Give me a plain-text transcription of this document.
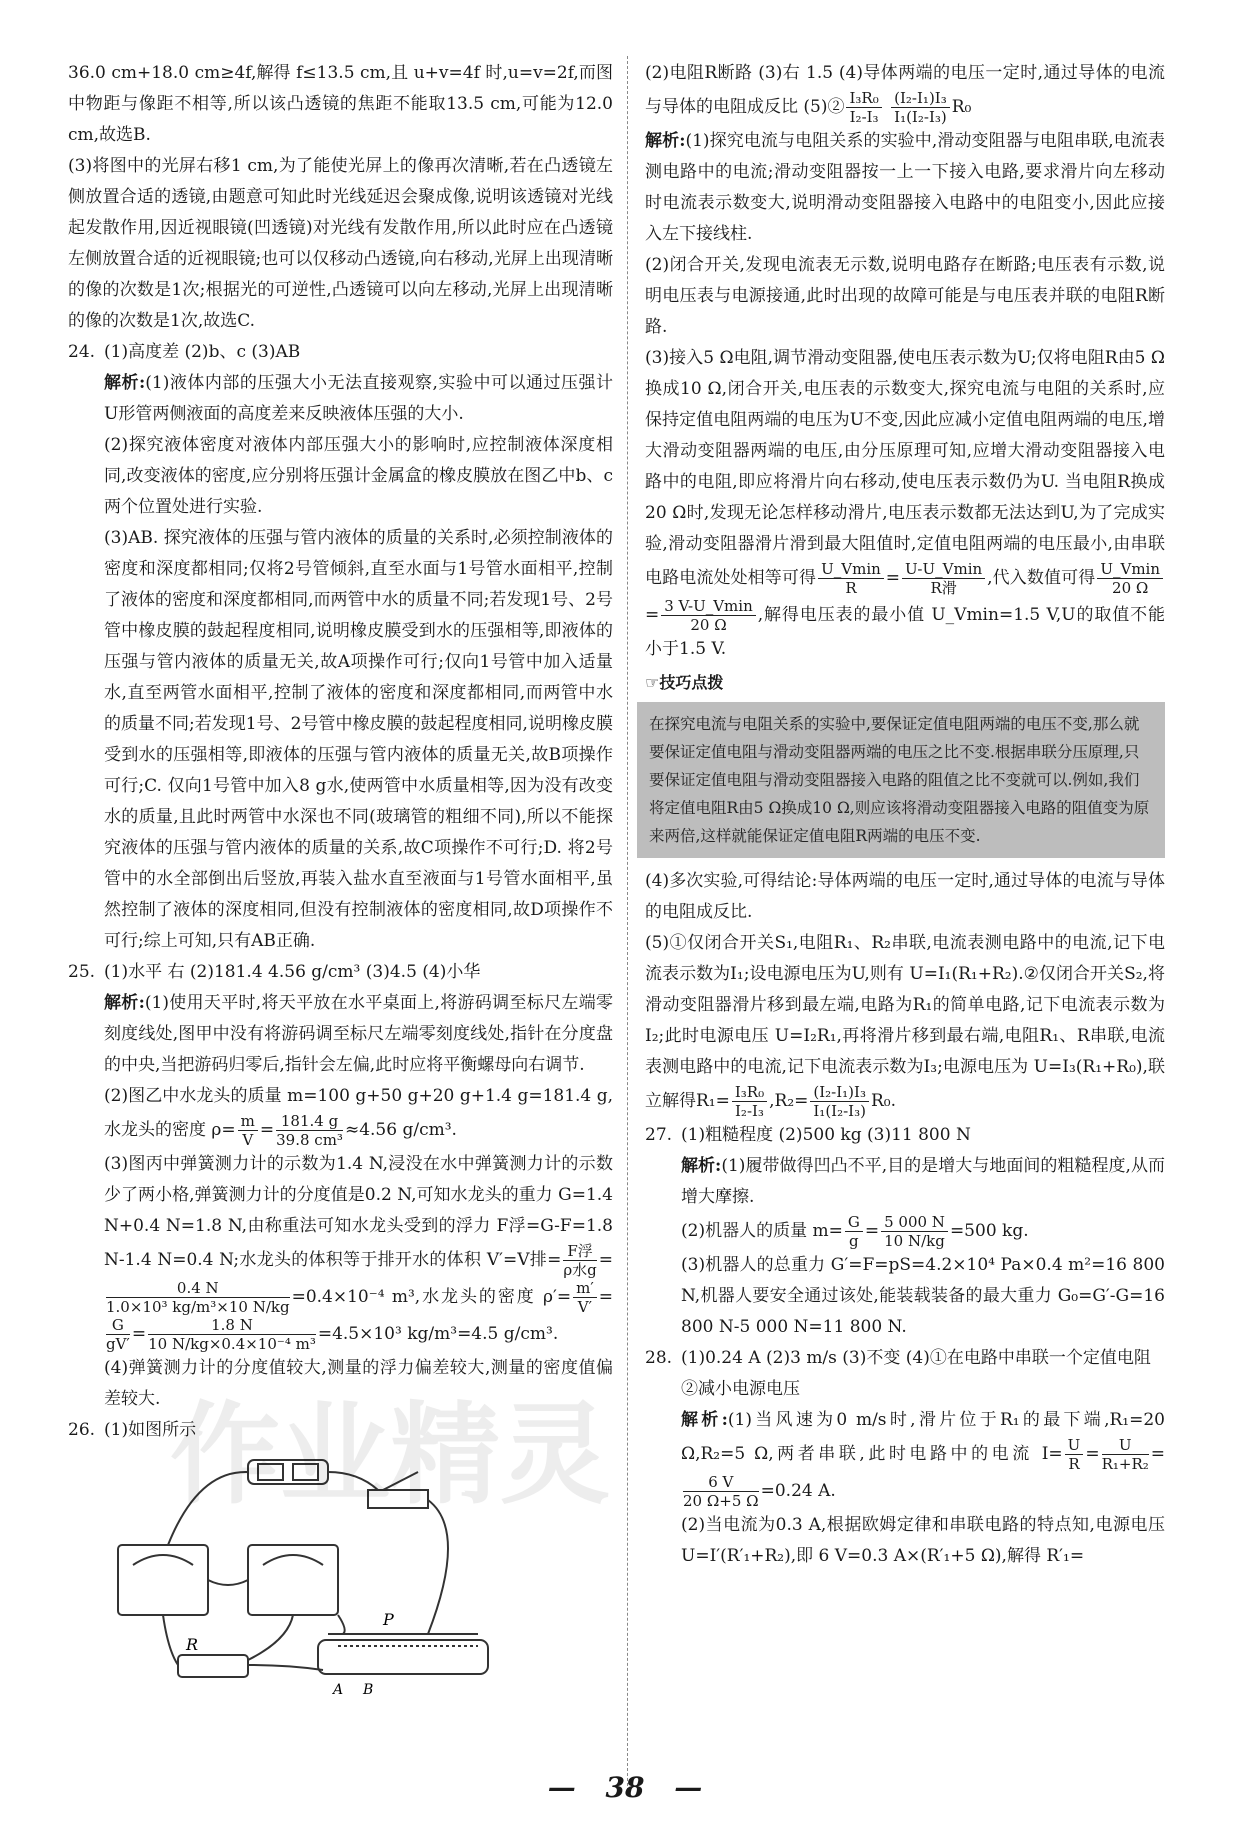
36.0 cm+18.0 cm≥4f,解得 f≤13.5 cm,且 u+v=4f 时,u=v=2f,而图中物距与像距不相等,所以该凸透镜的焦距不能取13.5 cm,可能为12.0 cm,故选B.

(3)将图中的光屏右移1 cm,为了能使光屏上的像再次清晰,若在凸透镜左侧放置合适的透镜,由题意可知此时光线延迟会聚成像,说明该透镜对光线起发散作用,因近视眼镜(凹透镜)对光线有发散作用,所以此时应在凸透镜左侧放置合适的近视眼镜;也可以仅移动凸透镜,向右移动,光屏上出现清晰的像的次数是1次;根据光的可逆性,凸透镜可以向左移动,光屏上出现清晰的像的次数是1次,故选C.

24. (1)高度差 (2)b、c (3)AB

解析:(1)液体内部的压强大小无法直接观察,实验中可以通过压强计U形管两侧液面的高度差来反映液体压强的大小.

(2)探究液体密度对液体内部压强大小的影响时,应控制液体深度相同,改变液体的密度,应分别将压强计金属盒的橡皮膜放在图乙中b、c两个位置处进行实验.

(3)AB. 探究液体的压强与管内液体的质量的关系时,必须控制液体的密度和深度都相同;仅将2号管倾斜,直至水面与1号管水面相平,控制了液体的密度和深度都相同,而两管中水的质量不同;若发现1号、2号管中橡皮膜的鼓起程度相同,说明橡皮膜受到水的压强相等,即液体的压强与管内液体的质量无关,故A项操作可行;仅向1号管中加入适量水,直至两管水面相平,控制了液体的密度和深度都相同,而两管中水的质量不同;若发现1号、2号管中橡皮膜的鼓起程度相同,说明橡皮膜受到水的压强相等,即液体的压强与管内液体的质量无关,故B项操作可行;C. 仅向1号管中加入8 g水,使两管中水质量相等,因为没有改变水的质量,且此时两管中水深也不同(玻璃管的粗细不同),所以不能探究液体的压强与管内液体的质量的关系,故C项操作不可行;D. 将2号管中的水全部倒出后竖放,再装入盐水直至液面与1号管水面相平,虽然控制了液体的深度相同,但没有控制液体的密度相同,故D项操作不可行;综上可知,只有AB正确.

25. (1)水平 右 (2)181.4 4.56 g/cm³ (3)4.5 (4)小华

解析:(1)使用天平时,将天平放在水平桌面上,将游码调至标尺左端零刻度线处,图甲中没有将游码调至标尺左端零刻度线处,指针在分度盘的中央,当把游码归零后,指针会左偏,此时应将平衡螺母向右调节.

(2)图乙中水龙头的质量 m=100 g+50 g+20 g+1.4 g=181.4 g,水龙头的密度 $\rho= \frac{m}{V} = \frac{181.4 g}{\text{39.8 cm³}} \approx 4.56$ g/cm³.

(3)图丙中弹簧测力计的示数为1.4 N,浸没在水中弹簧测力计的示数少了两小格,弹簧测力计的分度值是0.2 N,可知水龙头的重力 G=1.4 N+0.4 N=1.8 N,由称重法可知水龙头受到的浮力 F浮=G-F=1.8 N-1.4 N=0.4 N;水龙头的体积等于排开水的体积 V′=V排= $\frac{\text{F浮}}{\text{ρ水g}}$ =
$\frac{0.4 N}{\text{1.0×10³ kg/m³×10 N/kg}} =0.4\times 10^{-4}$ m³,水龙头的密度 $\rho'= \frac{m'}{V'}$ =
$\frac{G}{gV'} = \frac{1.8 N}{\text{10 N/kg×0.4×10⁻⁴ m³}} =4.5\times 10^3$ kg/m³=4.5 g/cm³.

(4)弹簧测力计的分度值较大,测量的浮力偏差较大,测量的密度值偏差较大.

26. (1)如图所示
P
R
A B

(2)电阻R断路 (3)右 1.5 (4)导体两端的电压一定时,通过导体的电流与导体的电阻成反比 (5)② $\frac{\text{I₃R₀}}{\text{I₂-I₃}}$
$\frac{\text{(I₂-I₁)I₃}}{\text{I₁(I₂-I₃)}} R_0$

解析:(1)探究电流与电阻关系的实验中,滑动变阻器与电阻串联,电流表测电路中的电流;滑动变阻器按一上一下接入电路,要求滑片向左移动时电流表示数变大,说明滑动变阻器接入电路中的电阻变小,因此应接入左下接线柱.

(2)闭合开关,发现电流表无示数,说明电路存在断路;电压表有示数,说明电压表与电源接通,此时出现的故障可能是与电压表并联的电阻R断路.

(3)接入5 Ω电阻,调节滑动变阻器,使电压表示数为U;仅将电阻R由5 Ω换成10 Ω,闭合开关,电压表的示数变大,探究电流与电阻的关系时,应保持定值电阻两端的电压为U不变,因此应减小定值电阻两端的电压,增大滑动变阻器两端的电压,由分压原理可知,应增大滑动变阻器接入电路中的电阻,即应将滑片向右移动,使电压表示数仍为U. 当电阻R换成20 Ω时,发现无论怎样移动滑片,电压表示数都无法达到U,为了完成实验,滑动变阻器滑片滑到最大阻值时,定值电阻两端的电压最小,由串联电路电流处处相等可得 $\frac{U\_Vmin}{R} = \frac{U-U\_Vmin}{\text{R滑}}$ ,代入数值可得 $\frac{U\_Vmin}{20 \Omega}$
= $\frac{3 V-U\_Vmin}{20 \Omega}$ ,解得电压表的最小值 U_Vmin=1.5 V,U的取值不能小于1.5 V.

☞技巧点拨
在探究电流与电阻关系的实验中,要保证定值电阻两端的电压不变,那么就要保证定值电阻与滑动变阻器两端的电压之比不变.根据串联分压原理,只要保证定值电阻与滑动变阻器接入电路的阻值之比不变就可以.例如,我们将定值电阻R由5 Ω换成10 Ω,则应该将滑动变阻器接入电路的阻值变为原来两倍,这样就能保证定值电阻R两端的电压不变.

(4)多次实验,可得结论:导体两端的电压一定时,通过导体的电流与导体的电阻成反比.

(5)①仅闭合开关S₁,电阻R₁、R₂串联,电流表测电路中的电流,记下电流表示数为I₁;设电源电压为U,则有 U=I₁(R₁+R₂).②仅闭合开关S₂,将滑动变阻器滑片移到最左端,电路为R₁的简单电路,记下电流表示数为I₂;此时电源电压 U=I₂R₁,再将滑片移到最右端,电阻R₁、R串联,电流表测电路中的电流,记下电流表示数为I₃;电源电压为 U=I₃(R₁+R₀),联立解得$R_1= \frac{\text{I₃R₀}}{\text{I₂-I₃}} ,R_2= \frac{\text{(I₂-I₁)I₃}}{\text{I₁(I₂-I₃)}} R_0$.

27. (1)粗糙程度 (2)500 kg (3)11 800 N

解析:(1)履带做得凹凸不平,目的是增大与地面间的粗糙程度,从而增大摩擦.

(2)机器人的质量 $m= \frac{G}{g} = \frac{5 000 N}{10 N/kg} =500$ kg.

(3)机器人的总重力 G′=F=pS=4.2×10⁴ Pa×0.4 m²=16 800 N,机器人要安全通过该处,能装载装备的最大重力 G₀=G′-G=16 800 N-5 000 N=11 800 N.

28. (1)0.24 A (2)3 m/s (3)不变 (4)①在电路中串联一个定值电阻 ②减小电源电压

解析:(1)当风速为0 m/s时,滑片位于R₁的最下端,R₁=20 Ω,R₂=5 Ω,两者串联,此时电路中的电流 $I= \frac{U}{R} = \frac{U}{\text{R₁+R₂}}$ =
$\frac{6 V}{20 \Omega+5 \Omega} =0.24$ A.

(2)当电流为0.3 A,根据欧姆定律和串联电路的特点知,电源电压 U=I′(R′₁+R₂),即 6 V=0.3 A×(R′₁+5 Ω),解得 R′₁=

作业精灵
— 38 —
